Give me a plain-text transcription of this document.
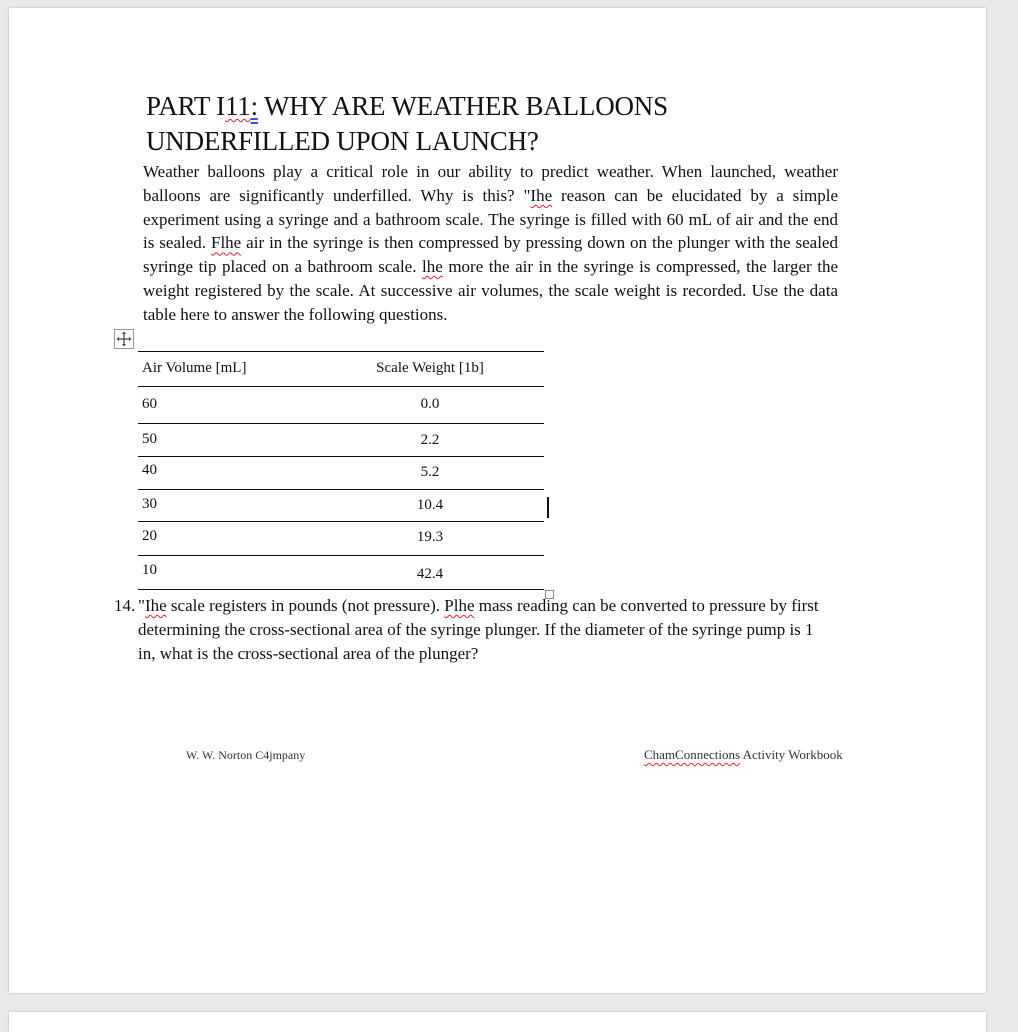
PART I11: WHY ARE WEATHER BALLOONS
UNDERFILLED UPON LAUNCH?

Weather balloons play a critical role in our ability to predict weather. When launched, weather balloons are significantly underfilled. Why is this? "Ihe reason can be elucidated by a simple experiment using a syringe and a bathroom scale. The syringe is filled with 60 mL of air and the end is sealed. Flhe air in the syringe is then compressed by pressing down on the plunger with the sealed syringe tip placed on a bathroom scale. lhe more the air in the syringe is compressed, the larger the weight registered by the scale. At successive air volumes, the scale weight is recorded. Use the data table here to answer the following questions.

Air Volume [mL]	Scale Weight [1b]
60	0.0
50	2.2
40	5.2
30	10.4
20	19.3
10	42.4
14. "Ihe scale registers in pounds (not pressure). Plhe mass reading can be converted to pressure by first determining the cross-sectional area of the syringe plunger. If the diameter of the syringe pump is 1 in, what is the cross-sectional area of the plunger?
W. W. Norton C4jmpany	ChamConnections Activity Workbook
